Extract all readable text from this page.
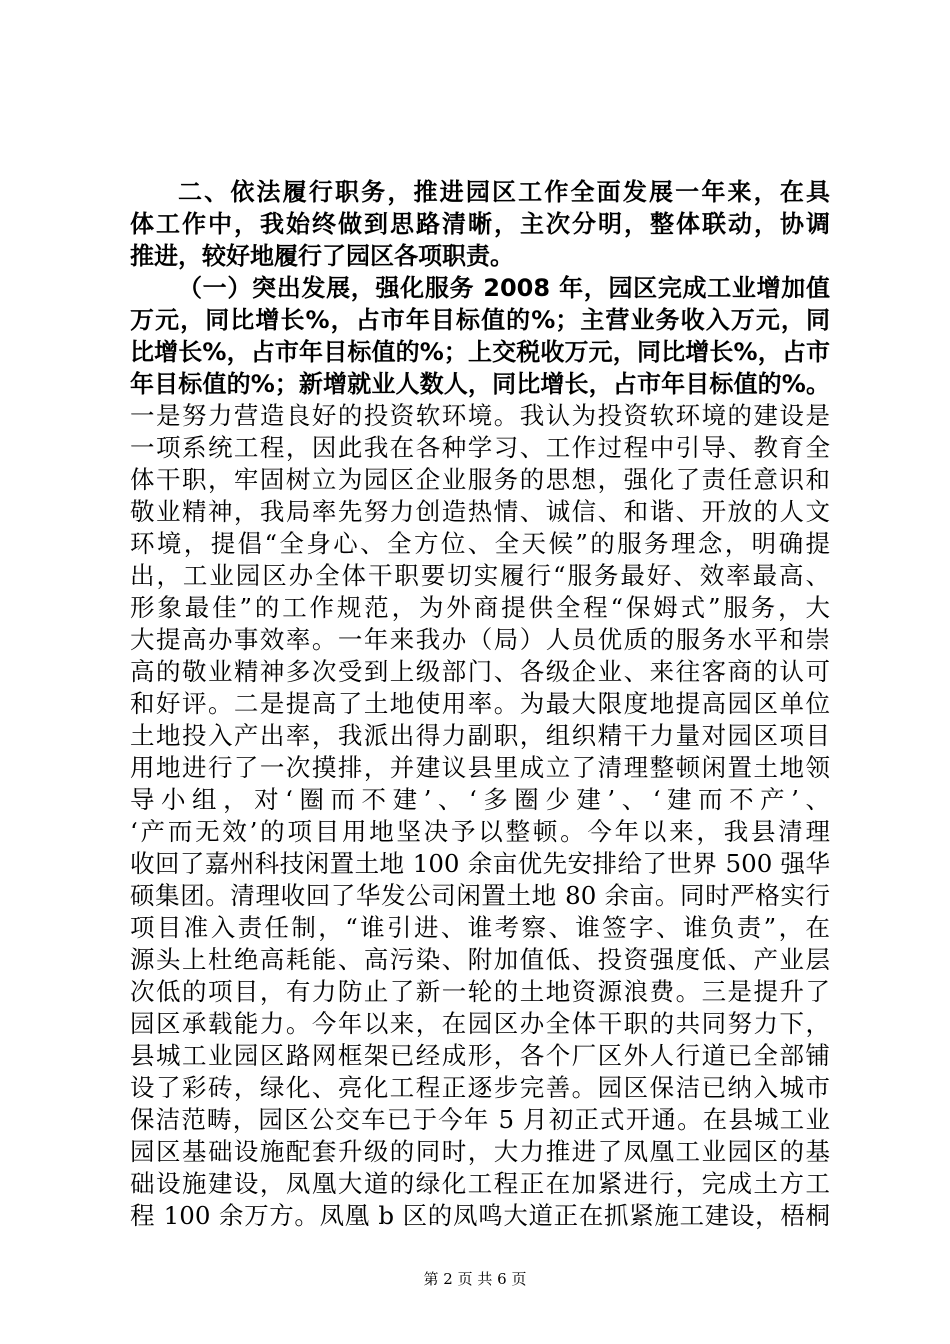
二、依法履行职务，推进园区工作全面发展一年来，在具
体工作中，我始终做到思路清晰，主次分明，整体联动，协调
推进，较好地履行了园区各项职责。
（一）突出发展，强化服务 2008 年，园区完成工业增加值
万元，同比增长%，占市年目标值的%；主营业务收入万元，同
比增长%，占市年目标值的%；上交税收万元，同比增长%，占市
年目标值的%；新增就业人数人，同比增长，占市年目标值的%。
一是努力营造良好的投资软环境。我认为投资软环境的建设是
一项系统工程，因此我在各种学习、工作过程中引导、教育全
体干职，牢固树立为园区企业服务的思想，强化了责任意识和
敬业精神，我局率先努力创造热情、诚信、和谐、开放的人文
环境，提倡“全身心、全方位、全天候”的服务理念，明确提
出，工业园区办全体干职要切实履行“服务最好、效率最高、
形象最佳”的工作规范，为外商提供全程“保姆式”服务，大
大提高办事效率。一年来我办（局）人员优质的服务水平和崇
高的敬业精神多次受到上级部门、各级企业、来往客商的认可
和好评。二是提高了土地使用率。为最大限度地提高园区单位
土地投入产出率，我派出得力副职，组织精干力量对园区项目
用地进行了一次摸排，并建议县里成立了清理整顿闲置土地领
导小组，对‘圈而不建’、‘多圈少建’、‘建而不产’、
‘产而无效’的项目用地坚决予以整顿。今年以来，我县清理
收回了嘉州科技闲置土地 100 余亩优先安排给了世界 500 强华
硕集团。清理收回了华发公司闲置土地 80 余亩。同时严格实行
项目准入责任制，“谁引进、谁考察、谁签字、谁负责”，在
源头上杜绝高耗能、高污染、附加值低、投资强度低、产业层
次低的项目，有力防止了新一轮的土地资源浪费。三是提升了
园区承载能力。今年以来，在园区办全体干职的共同努力下，
县城工业园区路网框架已经成形，各个厂区外人行道已全部铺
设了彩砖，绿化、亮化工程正逐步完善。园区保洁已纳入城市
保洁范畴，园区公交车已于今年 5 月初正式开通。在县城工业
园区基础设施配套升级的同时，大力推进了凤凰工业园区的基
础设施建设，凤凰大道的绿化工程正在加紧进行，完成土方工
程 100 余万方。凤凰 b 区的凤鸣大道正在抓紧施工建设，梧桐
第 2 页 共 6 页
